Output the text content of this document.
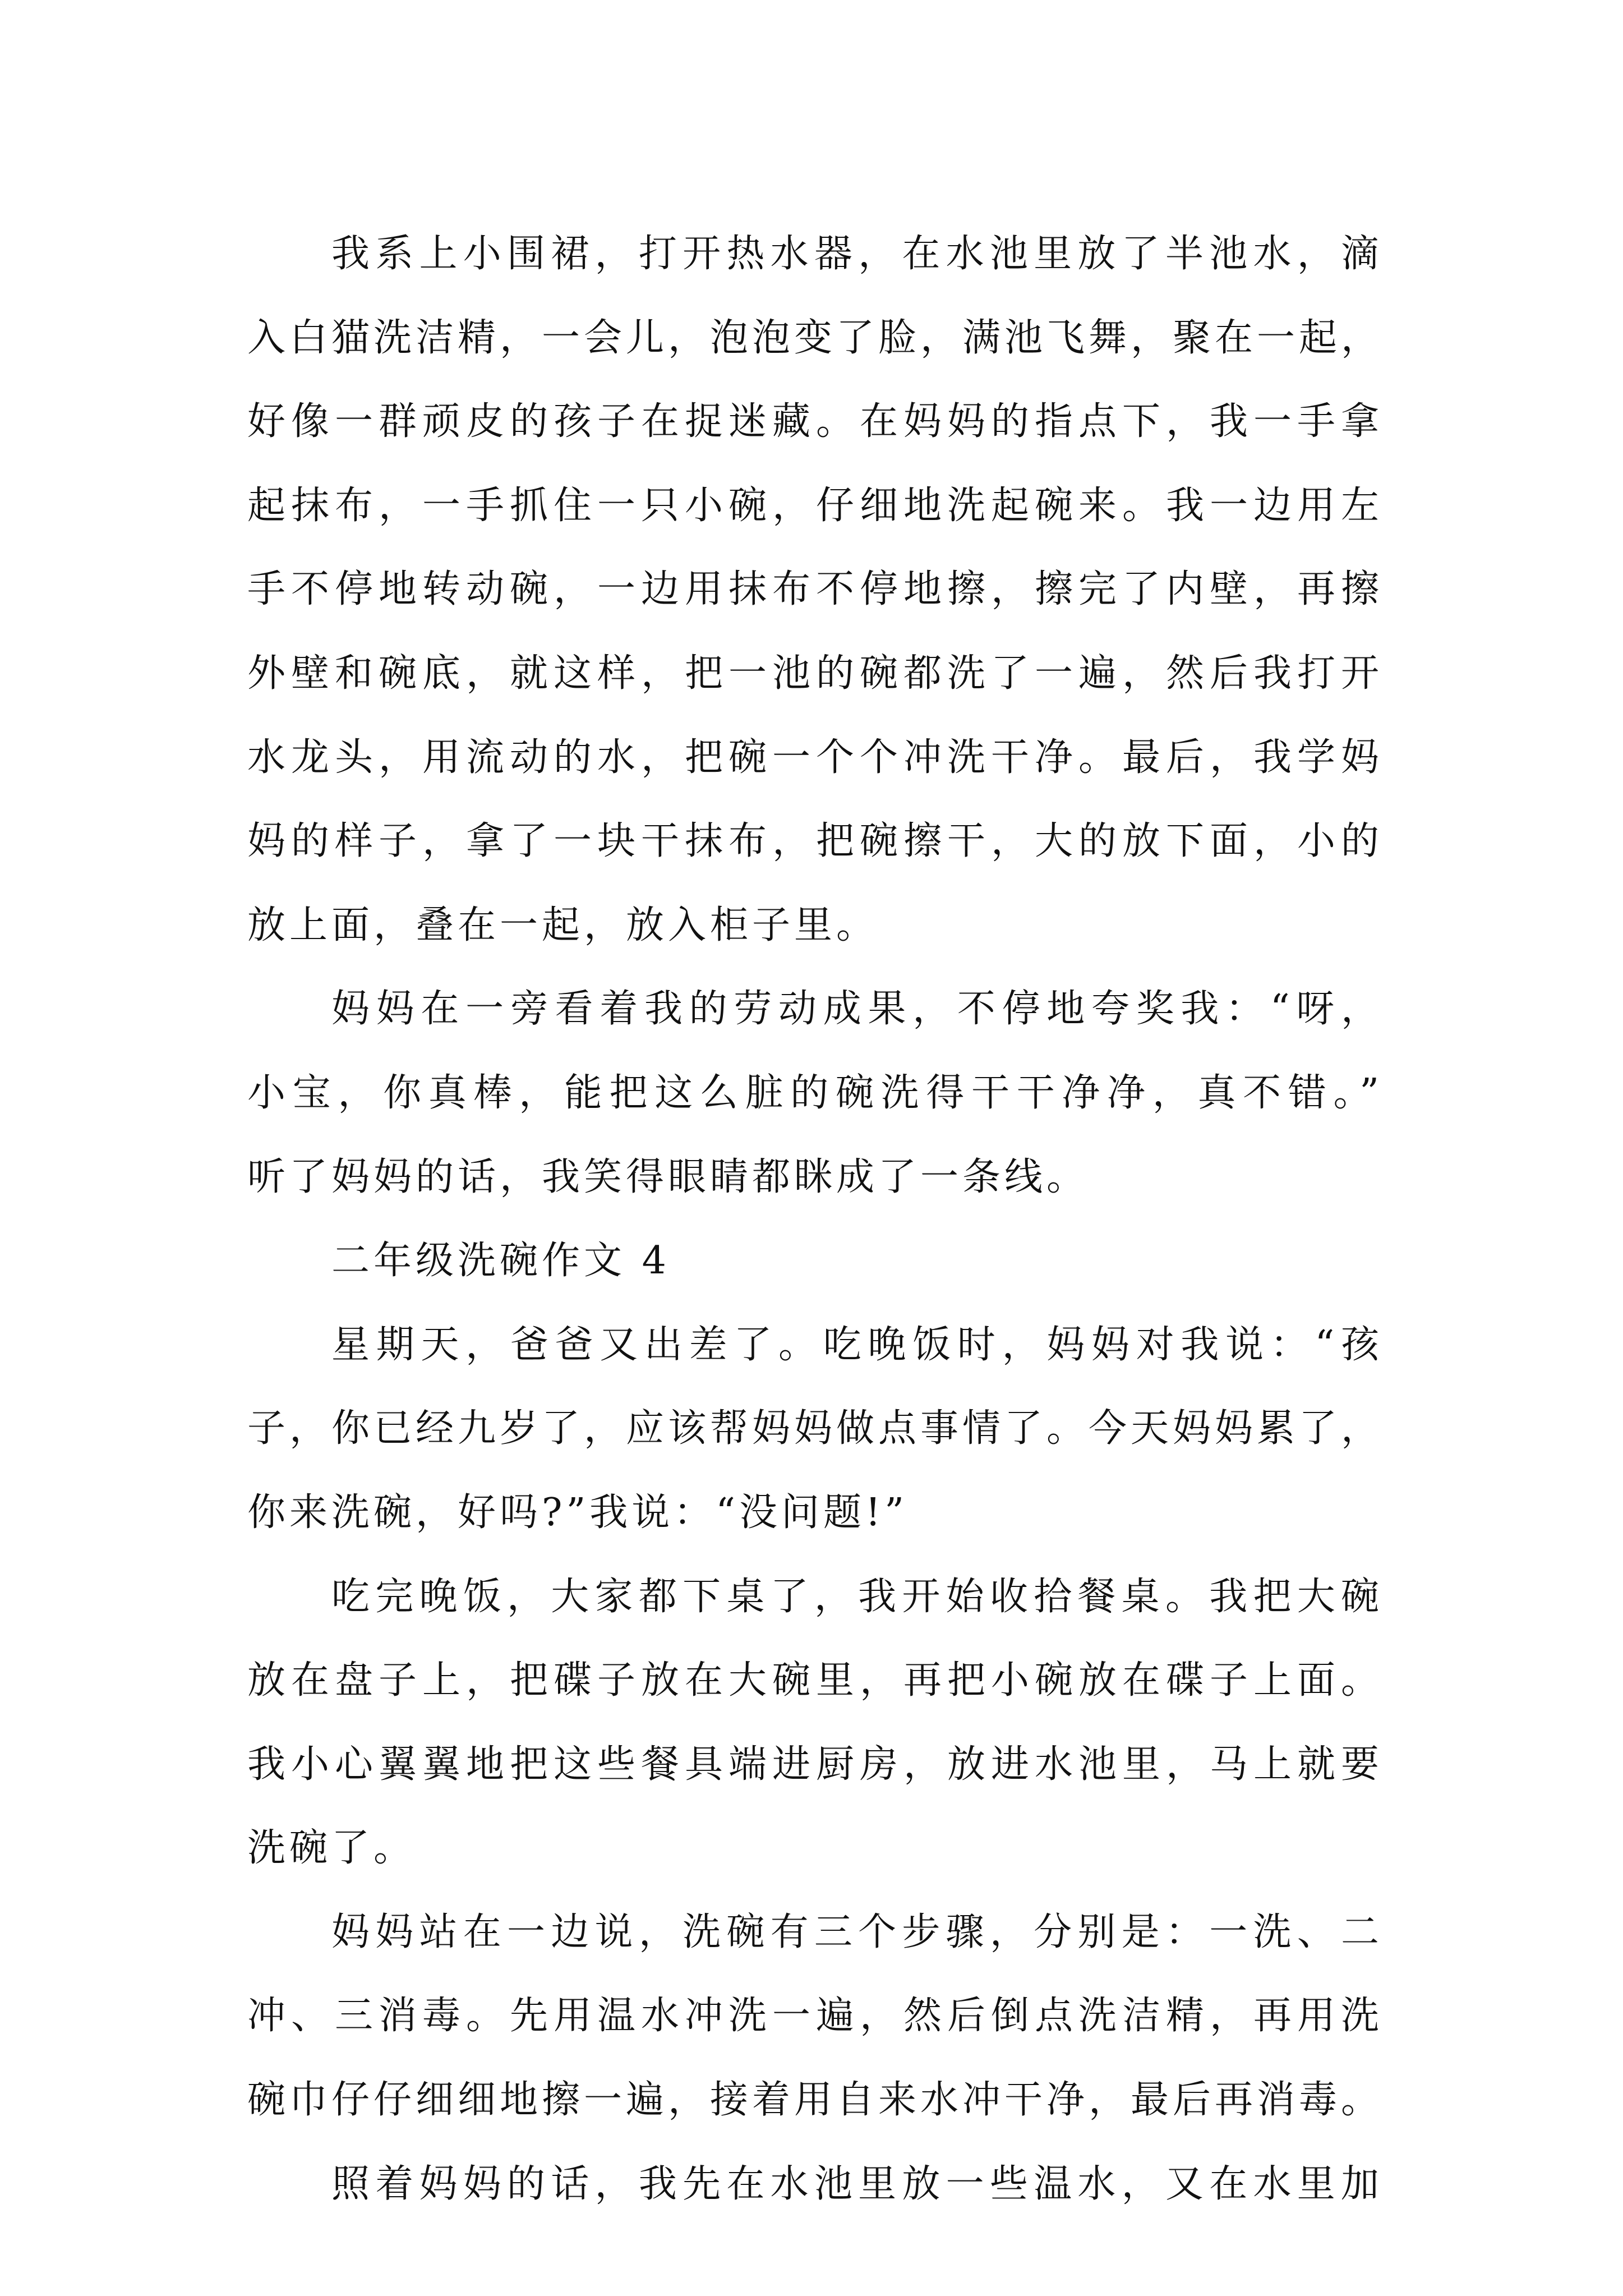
我系上小围裙，打开热水器，在水池里放了半池水，滴
入白猫洗洁精，一会儿，泡泡变了脸，满池飞舞，聚在一起，
好像一群顽皮的孩子在捉迷藏。在妈妈的指点下，我一手拿
起抹布，一手抓住一只小碗，仔细地洗起碗来。我一边用左
手不停地转动碗，一边用抹布不停地擦，擦完了内壁，再擦
外壁和碗底，就这样，把一池的碗都洗了一遍，然后我打开
水龙头，用流动的水，把碗一个个冲洗干净。最后，我学妈
妈的样子，拿了一块干抹布，把碗擦干，大的放下面，小的
放上面，叠在一起，放入柜子里。
妈妈在一旁看着我的劳动成果，不停地夸奖我：“呀，
小宝，你真棒，能把这么脏的碗洗得干干净净，真不错。”
听了妈妈的话，我笑得眼睛都眯成了一条线。
二年级洗碗作文 4
星期天，爸爸又出差了。吃晚饭时，妈妈对我说：“孩
子，你已经九岁了，应该帮妈妈做点事情了。今天妈妈累了，
你来洗碗，好吗?”我说：“没问题!”
吃完晚饭，大家都下桌了，我开始收拾餐桌。我把大碗
放在盘子上，把碟子放在大碗里，再把小碗放在碟子上面。
我小心翼翼地把这些餐具端进厨房，放进水池里，马上就要
洗碗了。
妈妈站在一边说，洗碗有三个步骤，分别是：一洗、二
冲、三消毒。先用温水冲洗一遍，然后倒点洗洁精，再用洗
碗巾仔仔细细地擦一遍，接着用自来水冲干净，最后再消毒。
照着妈妈的话，我先在水池里放一些温水，又在水里加
